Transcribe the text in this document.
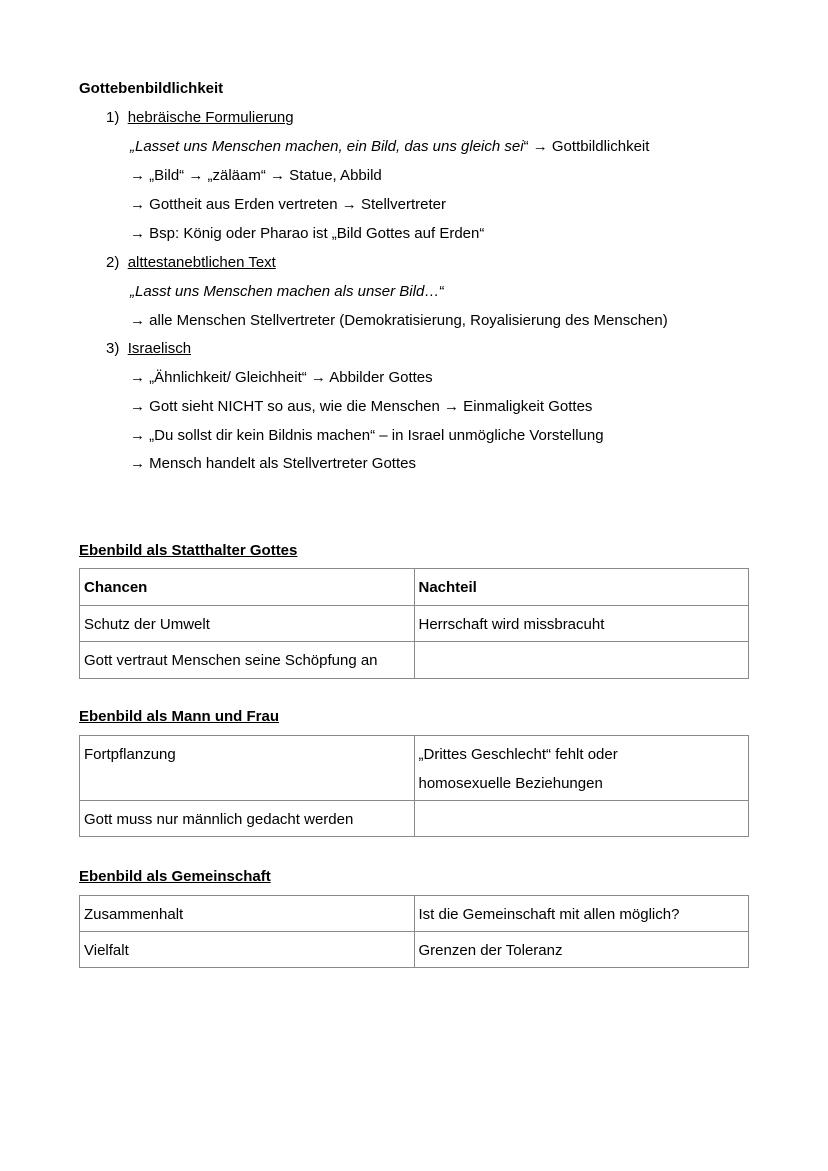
Gottebenbildlichkeit
1) hebräische Formulierung
„Lasset uns Menschen machen, ein Bild, das uns gleich sei“ → Gottbildlichkeit
→ „Bild“ → „zäläam“ → Statue, Abbild
→ Gottheit aus Erden vertreten → Stellvertreter
→ Bsp: König oder Pharao ist „Bild Gottes auf Erden“
2) alttestanebtlichen Text
„Lasst uns Menschen machen als unser Bild…“
→ alle Menschen Stellvertreter (Demokratisierung, Royalisierung des Menschen)
3) Israelisch
→ „Ähnlichkeit/ Gleichheit“ → Abbilder Gottes
→ Gott sieht NICHT so aus, wie die Menschen → Einmaligkeit Gottes
→ „Du sollst dir kein Bildnis machen“ – in Israel unmögliche Vorstellung
→ Mensch handelt als Stellvertreter Gottes
Ebenbild als Statthalter Gottes
Chancen	Nachteil
Schutz der Umwelt	Herrschaft wird missbracuht
Gott vertraut Menschen seine Schöpfung an	
Ebenbild als Mann und Frau
Fortpflanzung	„Drittes Geschlecht“ fehlt oder
homosexuelle Beziehungen

Gott muss nur männlich gedacht werden	
Ebenbild als Gemeinschaft
Zusammenhalt	Ist die Gemeinschaft mit allen möglich?
Vielfalt	Grenzen der Toleranz
